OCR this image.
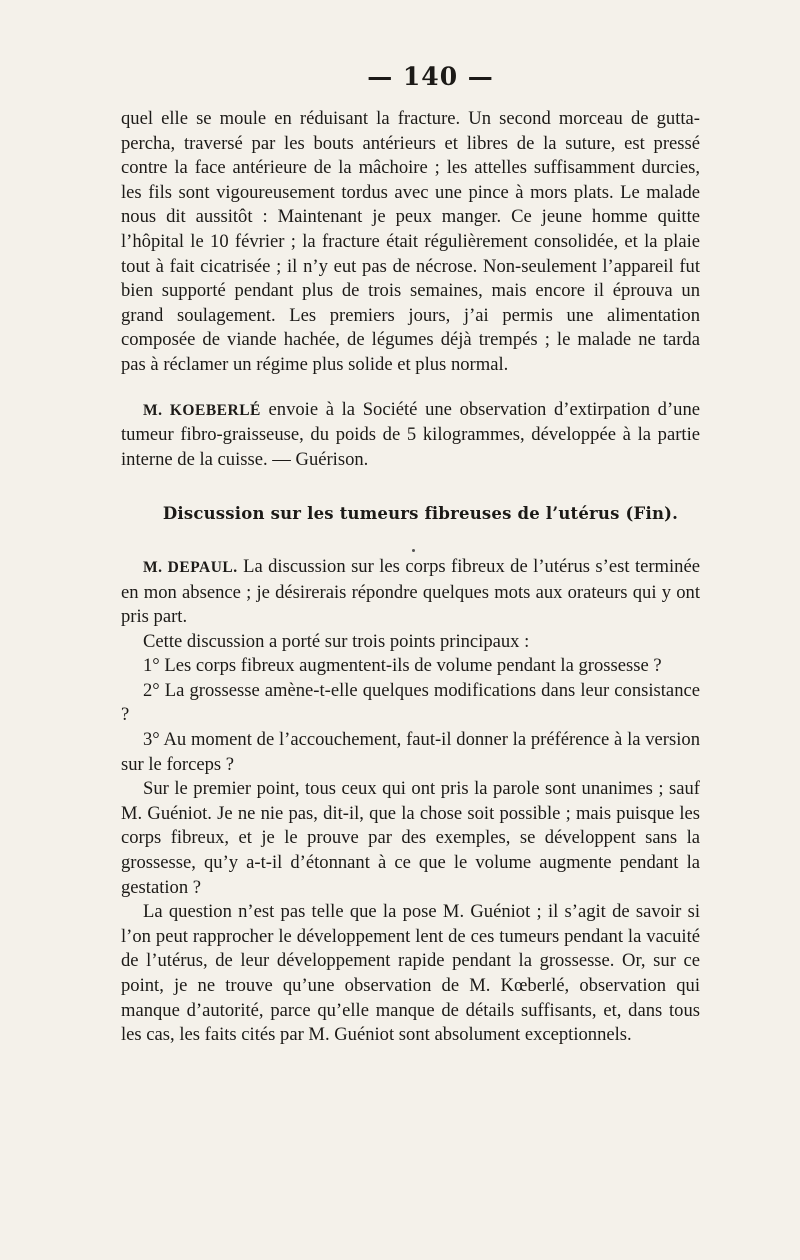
— 140 —

quel elle se moule en réduisant la fracture. Un second morceau de gutta-percha, traversé par les bouts antérieurs et libres de la suture, est pressé contre la face antérieure de la mâchoire ; les attelles suffisamment durcies, les fils sont vigoureusement tordus avec une pince à mors plats. Le malade nous dit aussitôt : Maintenant je peux manger. Ce jeune homme quitte l’hôpital le 10 février ; la fracture était régulièrement consolidée, et la plaie tout à fait cicatrisée ; il n’y eut pas de nécrose. Non-seulement l’appareil fut bien supporté pendant plus de trois semaines, mais encore il éprouva un grand soulagement. Les premiers jours, j’ai permis une alimentation composée de viande hachée, de légumes déjà trempés ; le malade ne tarda pas à réclamer un régime plus solide et plus normal.

M. KOEBERLÉ envoie à la Société une observation d’extirpation d’une tumeur fibro-graisseuse, du poids de 5 kilogrammes, développée à la partie interne de la cuisse. — Guérison.

Discussion sur les tumeurs fibreuses de l’utérus (Fin).

M. DEPAUL. La discussion sur les corps fibreux de l’utérus s’est terminée en mon absence ; je désirerais répondre quelques mots aux orateurs qui y ont pris part.

Cette discussion a porté sur trois points principaux :

1° Les corps fibreux augmentent-ils de volume pendant la grossesse ?

2° La grossesse amène-t-elle quelques modifications dans leur consistance ?

3° Au moment de l’accouchement, faut-il donner la préférence à la version sur le forceps ?

Sur le premier point, tous ceux qui ont pris la parole sont unanimes ; sauf M. Guéniot. Je ne nie pas, dit-il, que la chose soit possible ; mais puisque les corps fibreux, et je le prouve par des exemples, se développent sans la grossesse, qu’y a-t-il d’étonnant à ce que le volume augmente pendant la gestation ?

La question n’est pas telle que la pose M. Guéniot ; il s’agit de savoir si l’on peut rapprocher le développement lent de ces tumeurs pendant la vacuité de l’utérus, de leur développement rapide pendant la grossesse. Or, sur ce point, je ne trouve qu’une observation de M. Kœberlé, observation qui manque d’autorité, parce qu’elle manque de détails suffisants, et, dans tous les cas, les faits cités par M. Guéniot sont absolument exceptionnels.
